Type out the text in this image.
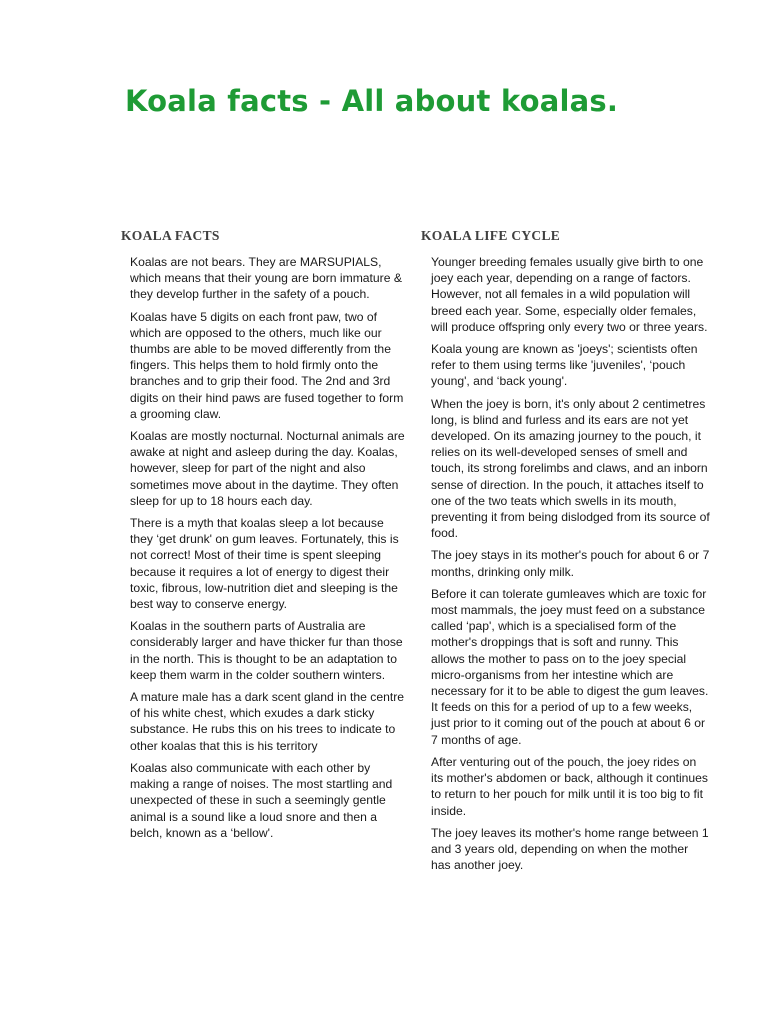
Koala facts - All about koalas.
KOALA FACTS

Koalas are not bears. They are MARSUPIALS, which means that their young are born immature & they develop further in the safety of a pouch.

Koalas have 5 digits on each front paw, two of which are opposed to the others, much like our thumbs are able to be moved differently from the fingers. This helps them to hold firmly onto the branches and to grip their food. The 2nd and 3rd digits on their hind paws are fused together to form a grooming claw.

Koalas are mostly nocturnal. Nocturnal animals are awake at night and asleep during the day. Koalas, however, sleep for part of the night and also sometimes move about in the daytime. They often sleep for up to 18 hours each day.

There is a myth that koalas sleep a lot because they ‘get drunk' on gum leaves. Fortunately, this is not correct! Most of their time is spent sleeping because it requires a lot of energy to digest their toxic, fibrous, low-nutrition diet and sleeping is the best way to conserve energy.

Koalas in the southern parts of Australia are considerably larger and have thicker fur than those in the north. This is thought to be an adaptation to keep them warm in the colder southern winters.

A mature male has a dark scent gland in the centre of his white chest, which exudes a dark sticky substance. He rubs this on his trees to indicate to other koalas that this is his territory

Koalas also communicate with each other by making a range of noises. The most startling and unexpected of these in such a seemingly gentle animal is a sound like a loud snore and then a belch, known as a ‘bellow'.

KOALA LIFE CYCLE

Younger breeding females usually give birth to one joey each year, depending on a range of factors. However, not all females in a wild population will breed each year. Some, especially older females, will produce offspring only every two or three years.

Koala young are known as 'joeys'; scientists often refer to them using terms like 'juveniles', ‘pouch young', and ‘back young'.

When the joey is born, it's only about 2 centimetres long, is blind and furless and its ears are not yet developed. On its amazing journey to the pouch, it relies on its well-developed senses of smell and touch, its strong forelimbs and claws, and an inborn sense of direction. In the pouch, it attaches itself to one of the two teats which swells in its mouth, preventing it from being dislodged from its source of food.

The joey stays in its mother's pouch for about 6 or 7 months, drinking only milk.

Before it can tolerate gumleaves which are toxic for most mammals, the joey must feed on a substance called ‘pap', which is a specialised form of the mother's droppings that is soft and runny. This allows the mother to pass on to the joey special micro-organisms from her intestine which are necessary for it to be able to digest the gum leaves. It feeds on this for a period of up to a few weeks, just prior to it coming out of the pouch at about 6 or 7 months of age.

After venturing out of the pouch, the joey rides on its mother's abdomen or back, although it continues to return to her pouch for milk until it is too big to fit inside.

The joey leaves its mother's home range between 1 and 3 years old, depending on when the mother has another joey.
